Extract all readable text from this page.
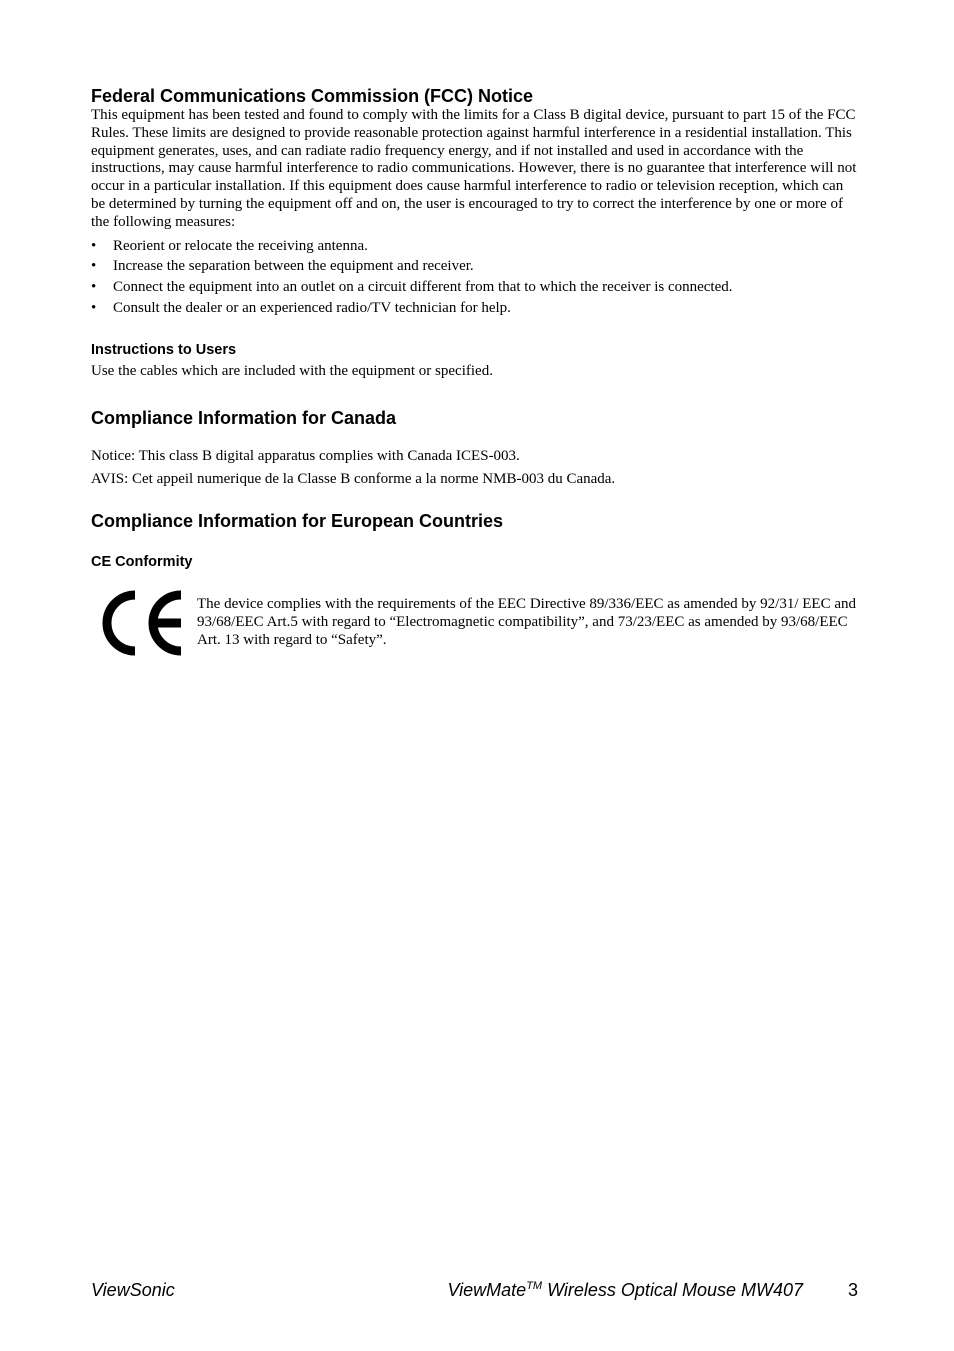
Federal Communications Commission (FCC) Notice

This equipment has been tested and found to comply with the limits for a Class B digital device, pursuant to part 15 of the FCC Rules. These limits are designed to provide reasonable protection against harmful interference in a residential installation. This equipment generates, uses, and can radiate radio frequency energy, and if not installed and used in accordance with the instructions, may cause harmful interference to radio communications. However, there is no guarantee that interference will not occur in a particular installation. If this equipment does cause harmful interference to radio or television reception, which can be determined by turning the equipment off and on, the user is encouraged to try to correct the interference by one or more of the following measures:

• Reorient or relocate the receiving antenna.
• Increase the separation between the equipment and receiver.
• Connect the equipment into an outlet on a circuit different from that to which the receiver is connected.
• Consult the dealer or an experienced radio/TV technician for help.
Instructions to Users

Use the cables which are included with the equipment or specified.

Compliance Information for Canada

Notice: This class B digital apparatus complies with Canada ICES-003.

AVIS: Cet appeil numerique de la Classe B conforme a la norme NMB-003 du Canada.

Compliance Information for European Countries
CE Conformity

The device complies with the requirements of the EEC Directive 89/336/EEC as amended by 92/31/ EEC and 93/68/EEC Art.5 with regard to “Electromagnetic compatibility”, and 73/23/EEC as amended by 93/68/EEC Art. 13 with regard to “Safety”.

ViewSonic	ViewMate™ Wireless Optical Mouse MW407 3
